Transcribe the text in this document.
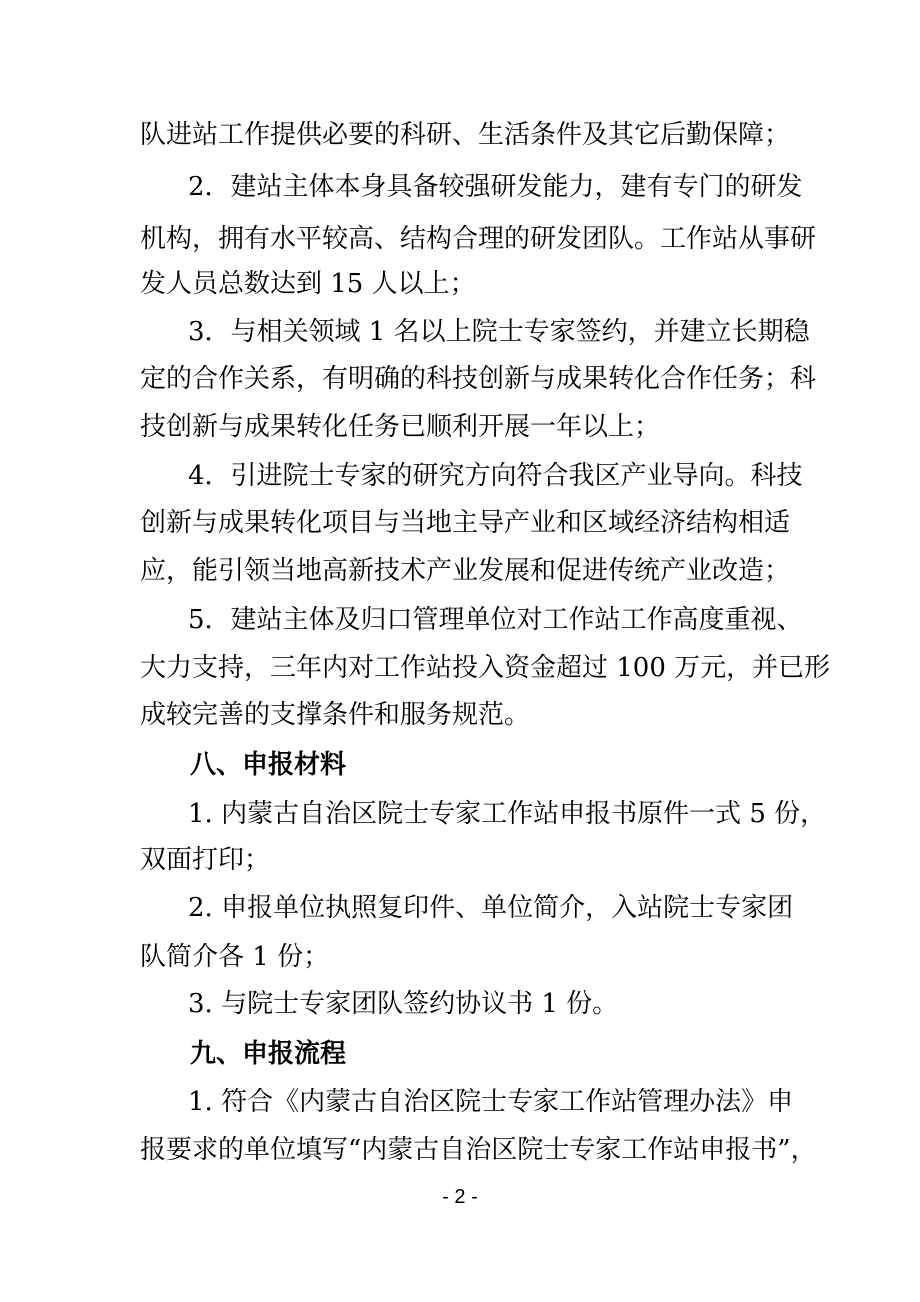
队进站工作提供必要的科研、生活条件及其它后勤保障；
2．建站主体本身具备较强研发能力，建有专门的研发
机构，拥有水平较高、结构合理的研发团队。工作站从事研
发人员总数达到 15 人以上；
3．与相关领域 1 名以上院士专家签约，并建立长期稳
定的合作关系，有明确的科技创新与成果转化合作任务；科
技创新与成果转化任务已顺利开展一年以上；
4．引进院士专家的研究方向符合我区产业导向。科技
创新与成果转化项目与当地主导产业和区域经济结构相适
应，能引领当地高新技术产业发展和促进传统产业改造；
5．建站主体及归口管理单位对工作站工作高度重视、
大力支持，三年内对工作站投入资金超过 100 万元，并已形
成较完善的支撑条件和服务规范。
八、申报材料
1. 内蒙古自治区院士专家工作站申报书原件一式 5 份，
双面打印；
2. 申报单位执照复印件、单位简介，入站院士专家团
队简介各 1 份；
3. 与院士专家团队签约协议书 1 份。
九、申报流程
1. 符合《内蒙古自治区院士专家工作站管理办法》申
报要求的单位填写“内蒙古自治区院士专家工作站申报书”，
- 2 -
